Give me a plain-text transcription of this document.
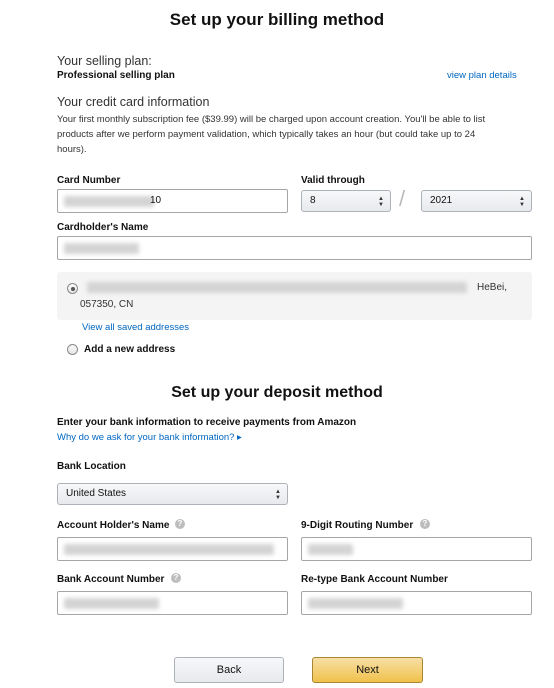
Set up your billing method
Your selling plan:
Professional selling plan	view plan details
Your credit card information
Your first monthly subscription fee ($39.99) will be charged upon account creation. You'll be able to list
products after we perform payment validation, which typically takes an hour (but could take up to 24
hours).
Card Number
10
Valid through
8	▲
▼ /	2021	▲
▼
Cardholder's Name
HeBei,
057350, CN
View all saved addresses
Add a new address
Set up your deposit method
Enter your bank information to receive payments from Amazon
Why do we ask for your bank information? ▸
Bank Location
United States	▲
▼
Account Holder's Name	?	9-Digit Routing Number	?
Bank Account Number	?	Re-type Bank Account Number
Back	Next
